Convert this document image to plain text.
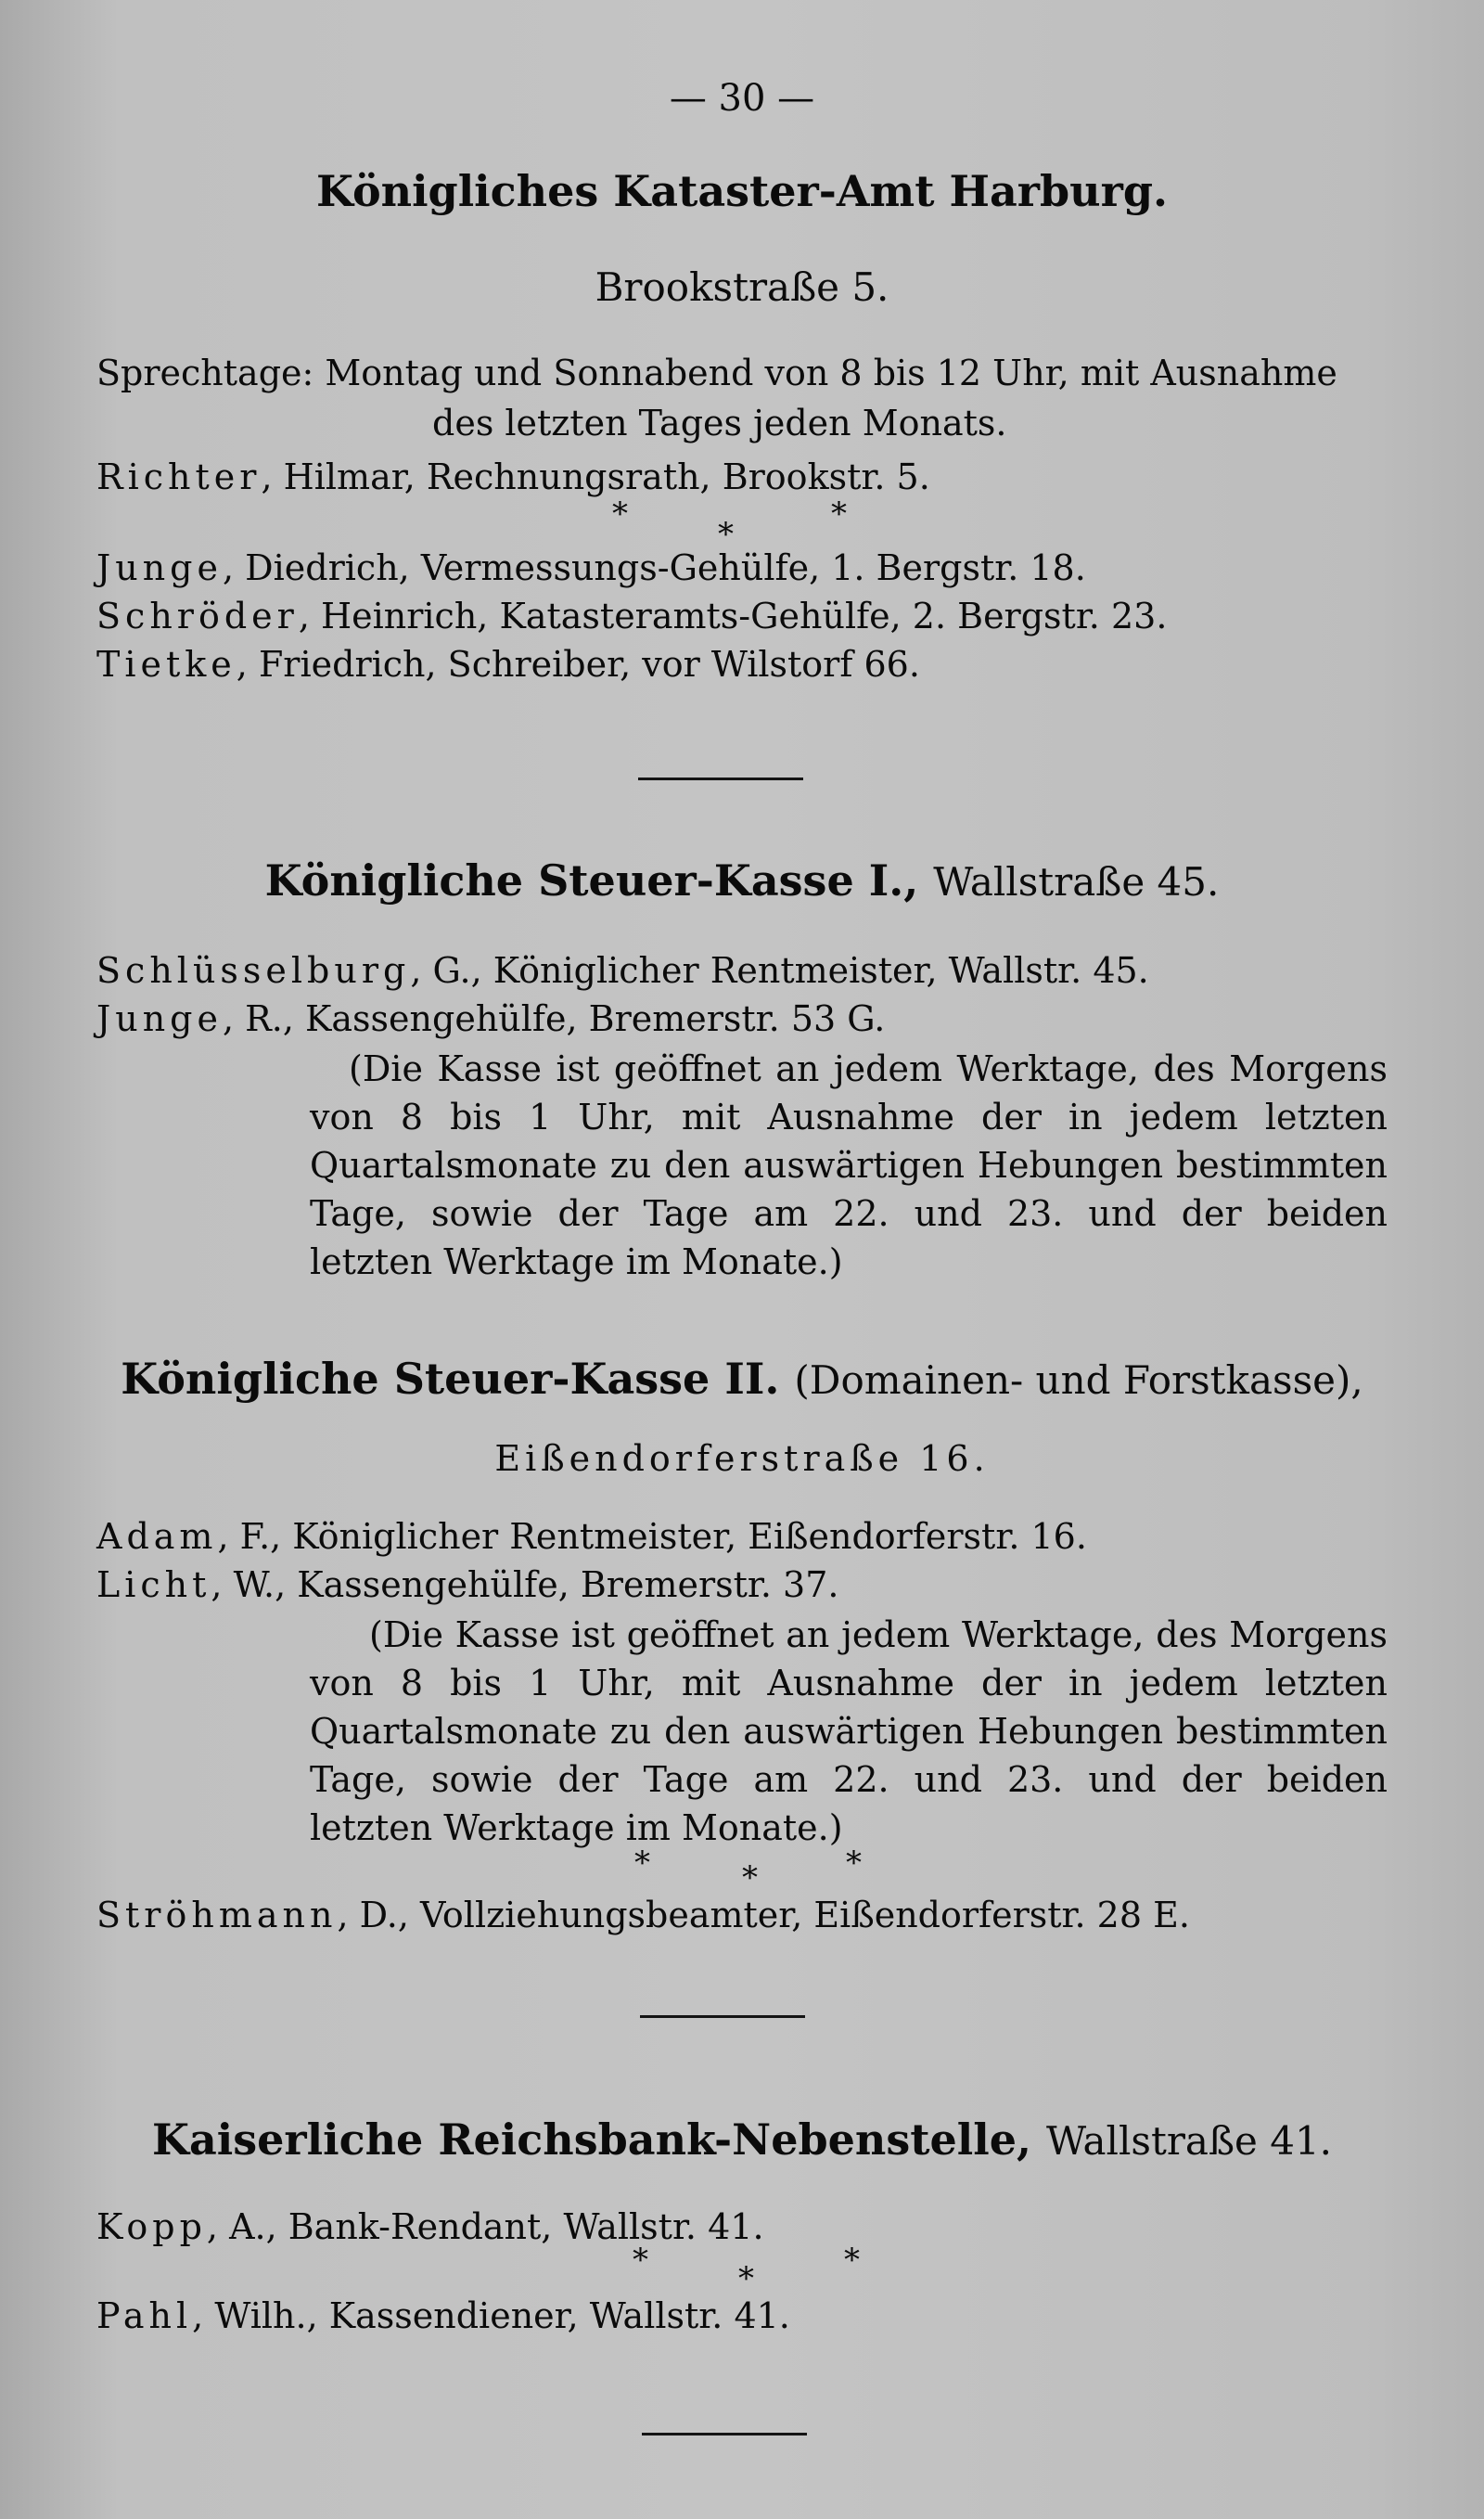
— 30 —
Königliches Kataster-Amt Harburg.
Brookstraße 5.
Sprechtage: Montag und Sonnabend von 8 bis 12 Uhr, mit Ausnahme
des letzten Tages jeden Monats.
Richter, Hilmar, Rechnungsrath, Brookstr. 5.
*
*
*
Junge, Diedrich, Vermessungs-Gehülfe, 1. Bergstr. 18.
Schröder, Heinrich, Katasteramts-Gehülfe, 2. Bergstr. 23.
Tietke, Friedrich, Schreiber, vor Wilstorf 66.
Königliche Steuer-Kasse I., Wallstraße 45.
Schlüsselburg, G., Königlicher Rentmeister, Wallstr. 45.
Junge, R., Kassengehülfe, Bremerstr. 53 G.
(Die Kasse ist geöffnet an jedem Werktage, des Morgens
von 8 bis 1 Uhr, mit Ausnahme der in jedem letzten
Quartalsmonate zu den auswärtigen Hebungen bestimmten
Tage, sowie der Tage am 22. und 23. und der beiden
letzten Werktage im Monate.)
Königliche Steuer-Kasse II. (Domainen- und Forstkasse),
Eißendorferstraße 16.
Adam, F., Königlicher Rentmeister, Eißendorferstr. 16.
Licht, W., Kassengehülfe, Bremerstr. 37.
(Die Kasse ist geöffnet an jedem Werktage, des Morgens
von 8 bis 1 Uhr, mit Ausnahme der in jedem letzten
Quartalsmonate zu den auswärtigen Hebungen bestimmten
Tage, sowie der Tage am 22. und 23. und der beiden
letzten Werktage im Monate.)
*	*	*
Ströhmann, D., Vollziehungsbeamter, Eißendorferstr. 28 E.
Kaiserliche Reichsbank-Nebenstelle, Wallstraße 41.
Kopp, A., Bank-Rendant, Wallstr. 41.
*	*	*
Pahl, Wilh., Kassendiener, Wallstr. 41.
